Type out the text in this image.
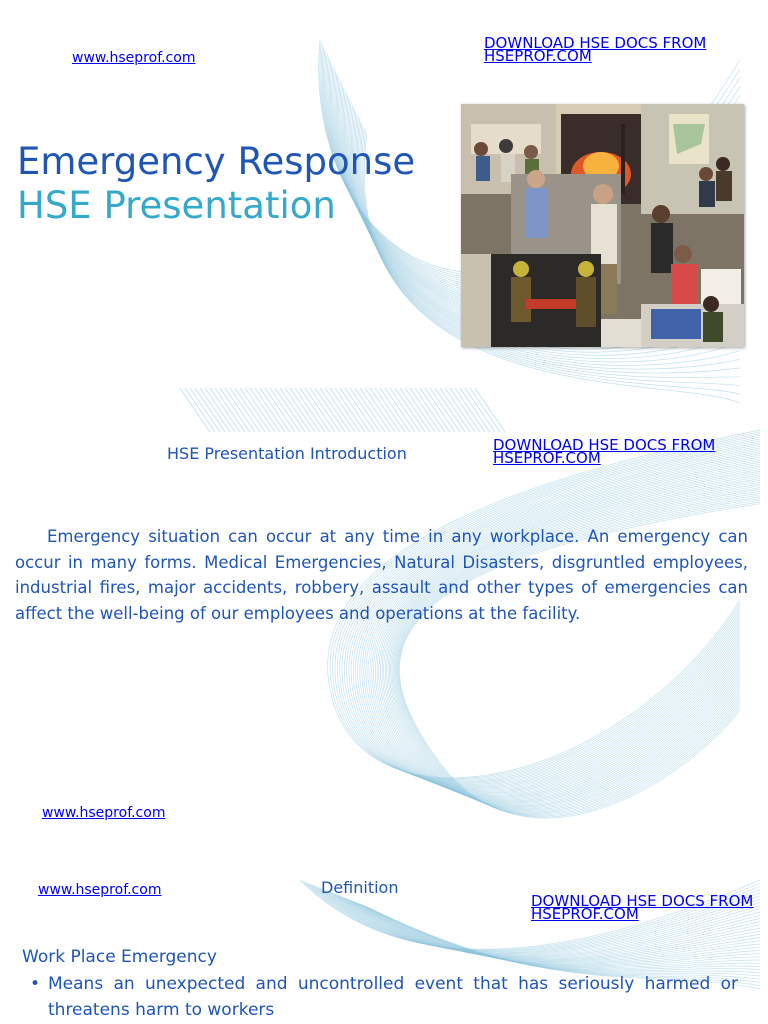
www.hseprof.com
DOWNLOAD HSE DOCS FROM HSEPROF.COM
Emergency Response
HSE Presentation
HSE Presentation Introduction	DOWNLOAD HSE DOCS FROM HSEPROF.COM
Emergency situation can occur at any time in any workplace. An emergency can occur in many forms. Medical Emergencies, Natural Disasters, disgruntled employees, industrial fires, major accidents, robbery, assault and other types of emergencies can affect the well-being of our employees and operations at the facility.
www.hseprof.com
www.hseprof.com	Definition
DOWNLOAD HSE DOCS FROM HSEPROF.COM
Work Place Emergency
• Means an unexpected and uncontrolled event that has seriously harmed or threatens harm to workers
